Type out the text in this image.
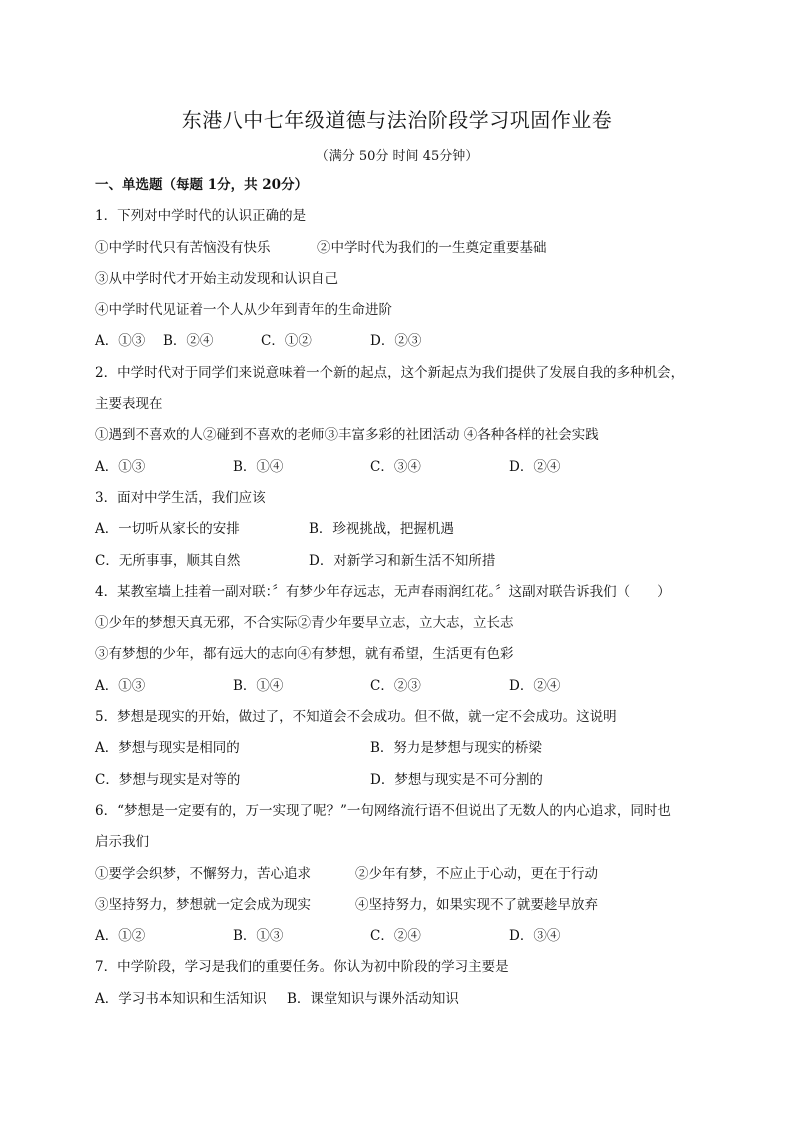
东港八中七年级道德与法治阶段学习巩固作业卷
（满分 50分 时间 45分钟）
一、单选题（每题 1分，共 20分）
1．下列对中学时代的认识正确的是
①中学时代只有苦恼没有快乐	②中学时代为我们的一生奠定重要基础
③从中学时代才开始主动发现和认识自己
④中学时代见证着一个人从少年到青年的生命进阶
A．①③ B．②④	C．①②	D．②③
2．中学时代对于同学们来说意味着一个新的起点，这个新起点为我们提供了发展自我的多种机会，
主要表现在
①遇到不喜欢的人②碰到不喜欢的老师③丰富多彩的社团活动 ④各种各样的社会实践
A．①③	B．①④	C．③④	D．②④
3．面对中学生活，我们应该
A．一切听从家长的安排	B．珍视挑战，把握机遇
C．无所事事，顺其自然	D．对新学习和新生活不知所措
4．某教室墙上挂着一副对联：〞有梦少年存远志，无声春雨润红花。〞这副对联告诉我们（　　）
①少年的梦想天真无邪，不合实际②青少年要早立志，立大志，立长志
③有梦想的少年，都有远大的志向④有梦想，就有希望，生活更有色彩
A．①③	B．①④	C．②③	D．②④
5．梦想是现实的开始，做过了，不知道会不会成功。但不做，就一定不会成功。这说明
A．梦想与现实是相同的	B．努力是梦想与现实的桥梁
C．梦想与现实是对等的	D．梦想与现实是不可分割的
6．“梦想是一定要有的，万一实现了呢？”一句网络流行语不但说出了无数人的内心追求，同时也
启示我们
①要学会织梦，不懈努力，苦心追求	②少年有梦，不应止于心动，更在于行动
③坚持努力，梦想就一定会成为现实	④坚持努力，如果实现不了就要趁早放弃
A．①②	B．①③	C．②④	D．③④
7．中学阶段，学习是我们的重要任务。你认为初中阶段的学习主要是
A．学习书本知识和生活知识 B．课堂知识与课外活动知识
